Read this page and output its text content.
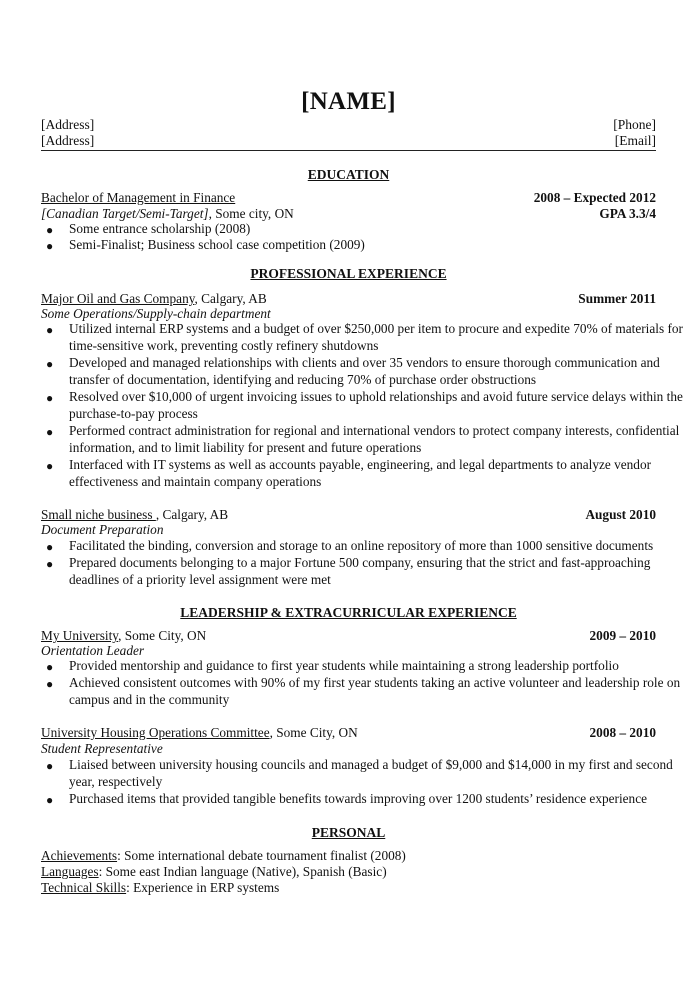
[NAME]
[Address]
[Address]
[Phone]
[Email]
EDUCATION
Bachelor of Management in Finance	2008 – Expected 2012
[Canadian Target/Semi-Target], Some city, ON	GPA 3.3/4
● Some entrance scholarship (2008)
● Semi-Finalist; Business school case competition (2009)
PROFESSIONAL EXPERIENCE
Major Oil and Gas Company, Calgary, AB	Summer 2011
Some Operations/Supply-chain department
● Utilized internal ERP systems and a budget of over $250,000 per item to procure and expedite 70% of materials for
time-sensitive work, preventing costly refinery shutdowns
● Developed and managed relationships with clients and over 35 vendors to ensure thorough communication and
transfer of documentation, identifying and reducing 70% of purchase order obstructions
● Resolved over $10,000 of urgent invoicing issues to uphold relationships and avoid future service delays within the
purchase-to-pay process
● Performed contract administration for regional and international vendors to protect company interests, confidential
information, and to limit liability for present and future operations
● Interfaced with IT systems as well as accounts payable, engineering, and legal departments to analyze vendor
effectiveness and maintain company operations
Small niche business , Calgary, AB	August 2010
Document Preparation
● Facilitated the binding, conversion and storage to an online repository of more than 1000 sensitive documents
● Prepared documents belonging to a major Fortune 500 company, ensuring that the strict and fast-approaching
deadlines of a priority level assignment were met
LEADERSHIP & EXTRACURRICULAR EXPERIENCE
My University, Some City, ON	2009 – 2010
Orientation Leader
● Provided mentorship and guidance to first year students while maintaining a strong leadership portfolio
● Achieved consistent outcomes with 90% of my first year students taking an active volunteer and leadership role on
campus and in the community
University Housing Operations Committee, Some City, ON	2008 – 2010
Student Representative
● Liaised between university housing councils and managed a budget of $9,000 and $14,000 in my first and second
year, respectively
● Purchased items that provided tangible benefits towards improving over 1200 students’ residence experience
PERSONAL
Achievements: Some international debate tournament finalist (2008)
Languages: Some east Indian language (Native), Spanish (Basic)
Technical Skills: Experience in ERP systems
